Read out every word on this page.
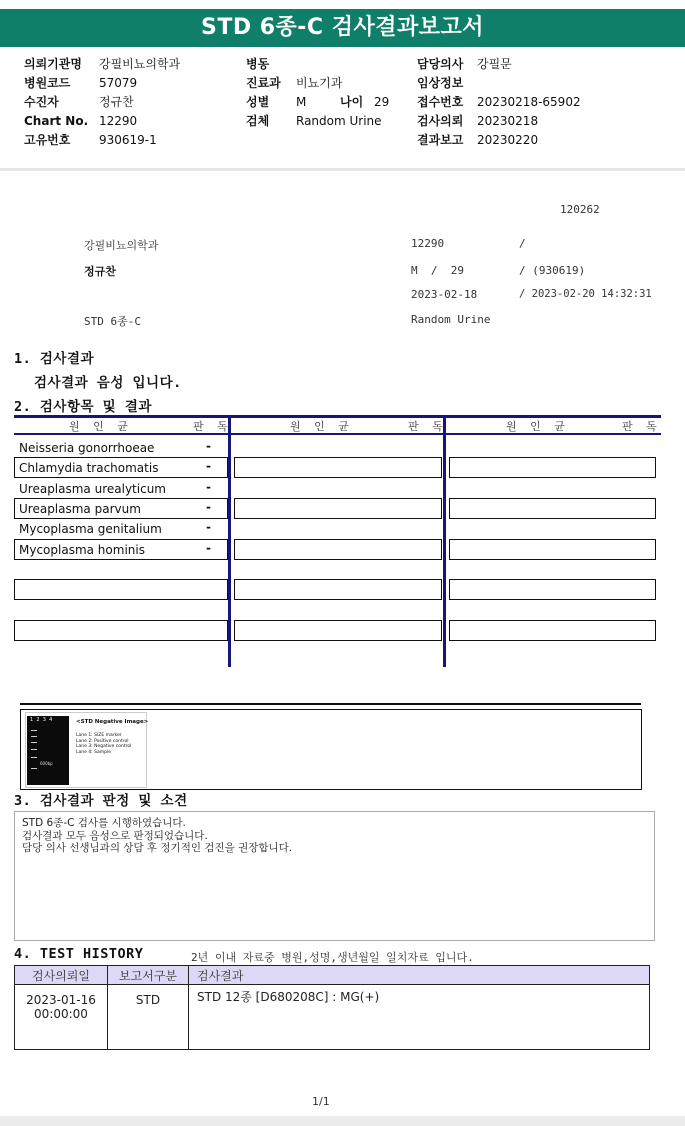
STD 6종-C 검사결과보고서
의뢰기관명 강필비뇨의학과
병원코드 57079
수진자	정규찬
Chart No. 12290
고유번호 930619-1
병동
진료과 비뇨기과
성별 M	나이 29
검체 Random Urine
담당의사 강필문
임상정보
접수번호 20230218-65902
검사의뢰 20230218
결과보고 20230220
120262
강필비뇨의학과	12290	/
정규찬	M  /  29	/ (930619)
2023-02-18	/ 2023-02-20 14:32:31
STD 6종-C	Random Urine
1. 검사결과
검사결과 음성 입니다.
2. 검사항목 및 결과
원 인 균	판 독	원 인 균	판 독	원 인 균	판 독
Neisseria gonorrhoeae	-
Chlamydia trachomatis	-
Ureaplasma urealyticum	-
Ureaplasma parvum	-
Mycoplasma genitalium	-
Mycoplasma hominis	-
1  2  3  4
600bp
<STD Negative Image>
Lane 1: SIZE marker
Lane 2: Positive control
Lane 3: Negative control
Lane 4: Sample
3. 검사결과 판정 및 소견
STD 6종-C 검사를 시행하였습니다.
검사결과 모두 음성으로 판정되었습니다.
담당 의사 선생님과의 상담 후 정기적인 검진을 권장합니다.
4. TEST HISTORY	2년 이내 자료중 병원,성명,생년월일 일치자료 입니다.
검사의뢰일	보고서구분	검사결과

2023-01-16
00:00:00	STD	STD 12종 [D680208C] : MG(+)
1/1
